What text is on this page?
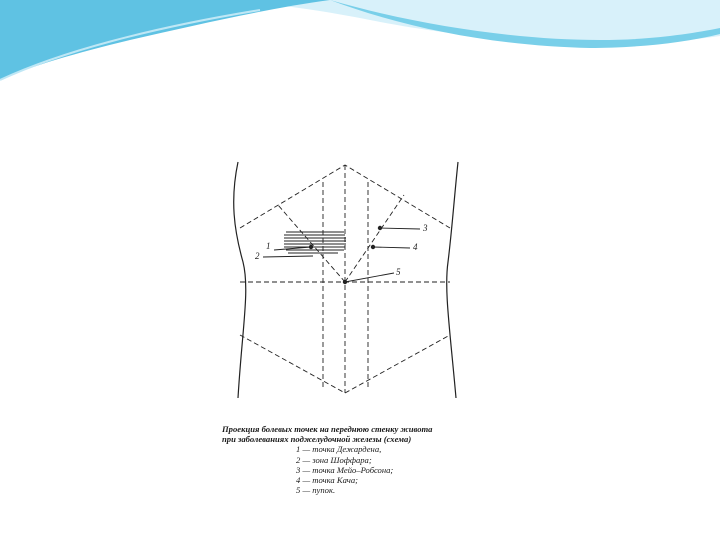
1
2
3
4
5
Проекция болевых точек на переднюю стенку живота
при заболеваниях поджелудочной железы (схема)
1 — точка Дежардена,
2 — зона Шоффара;
3 — точка Мейо–Робсона;
4 — точка Кача;
5 — пупок.
